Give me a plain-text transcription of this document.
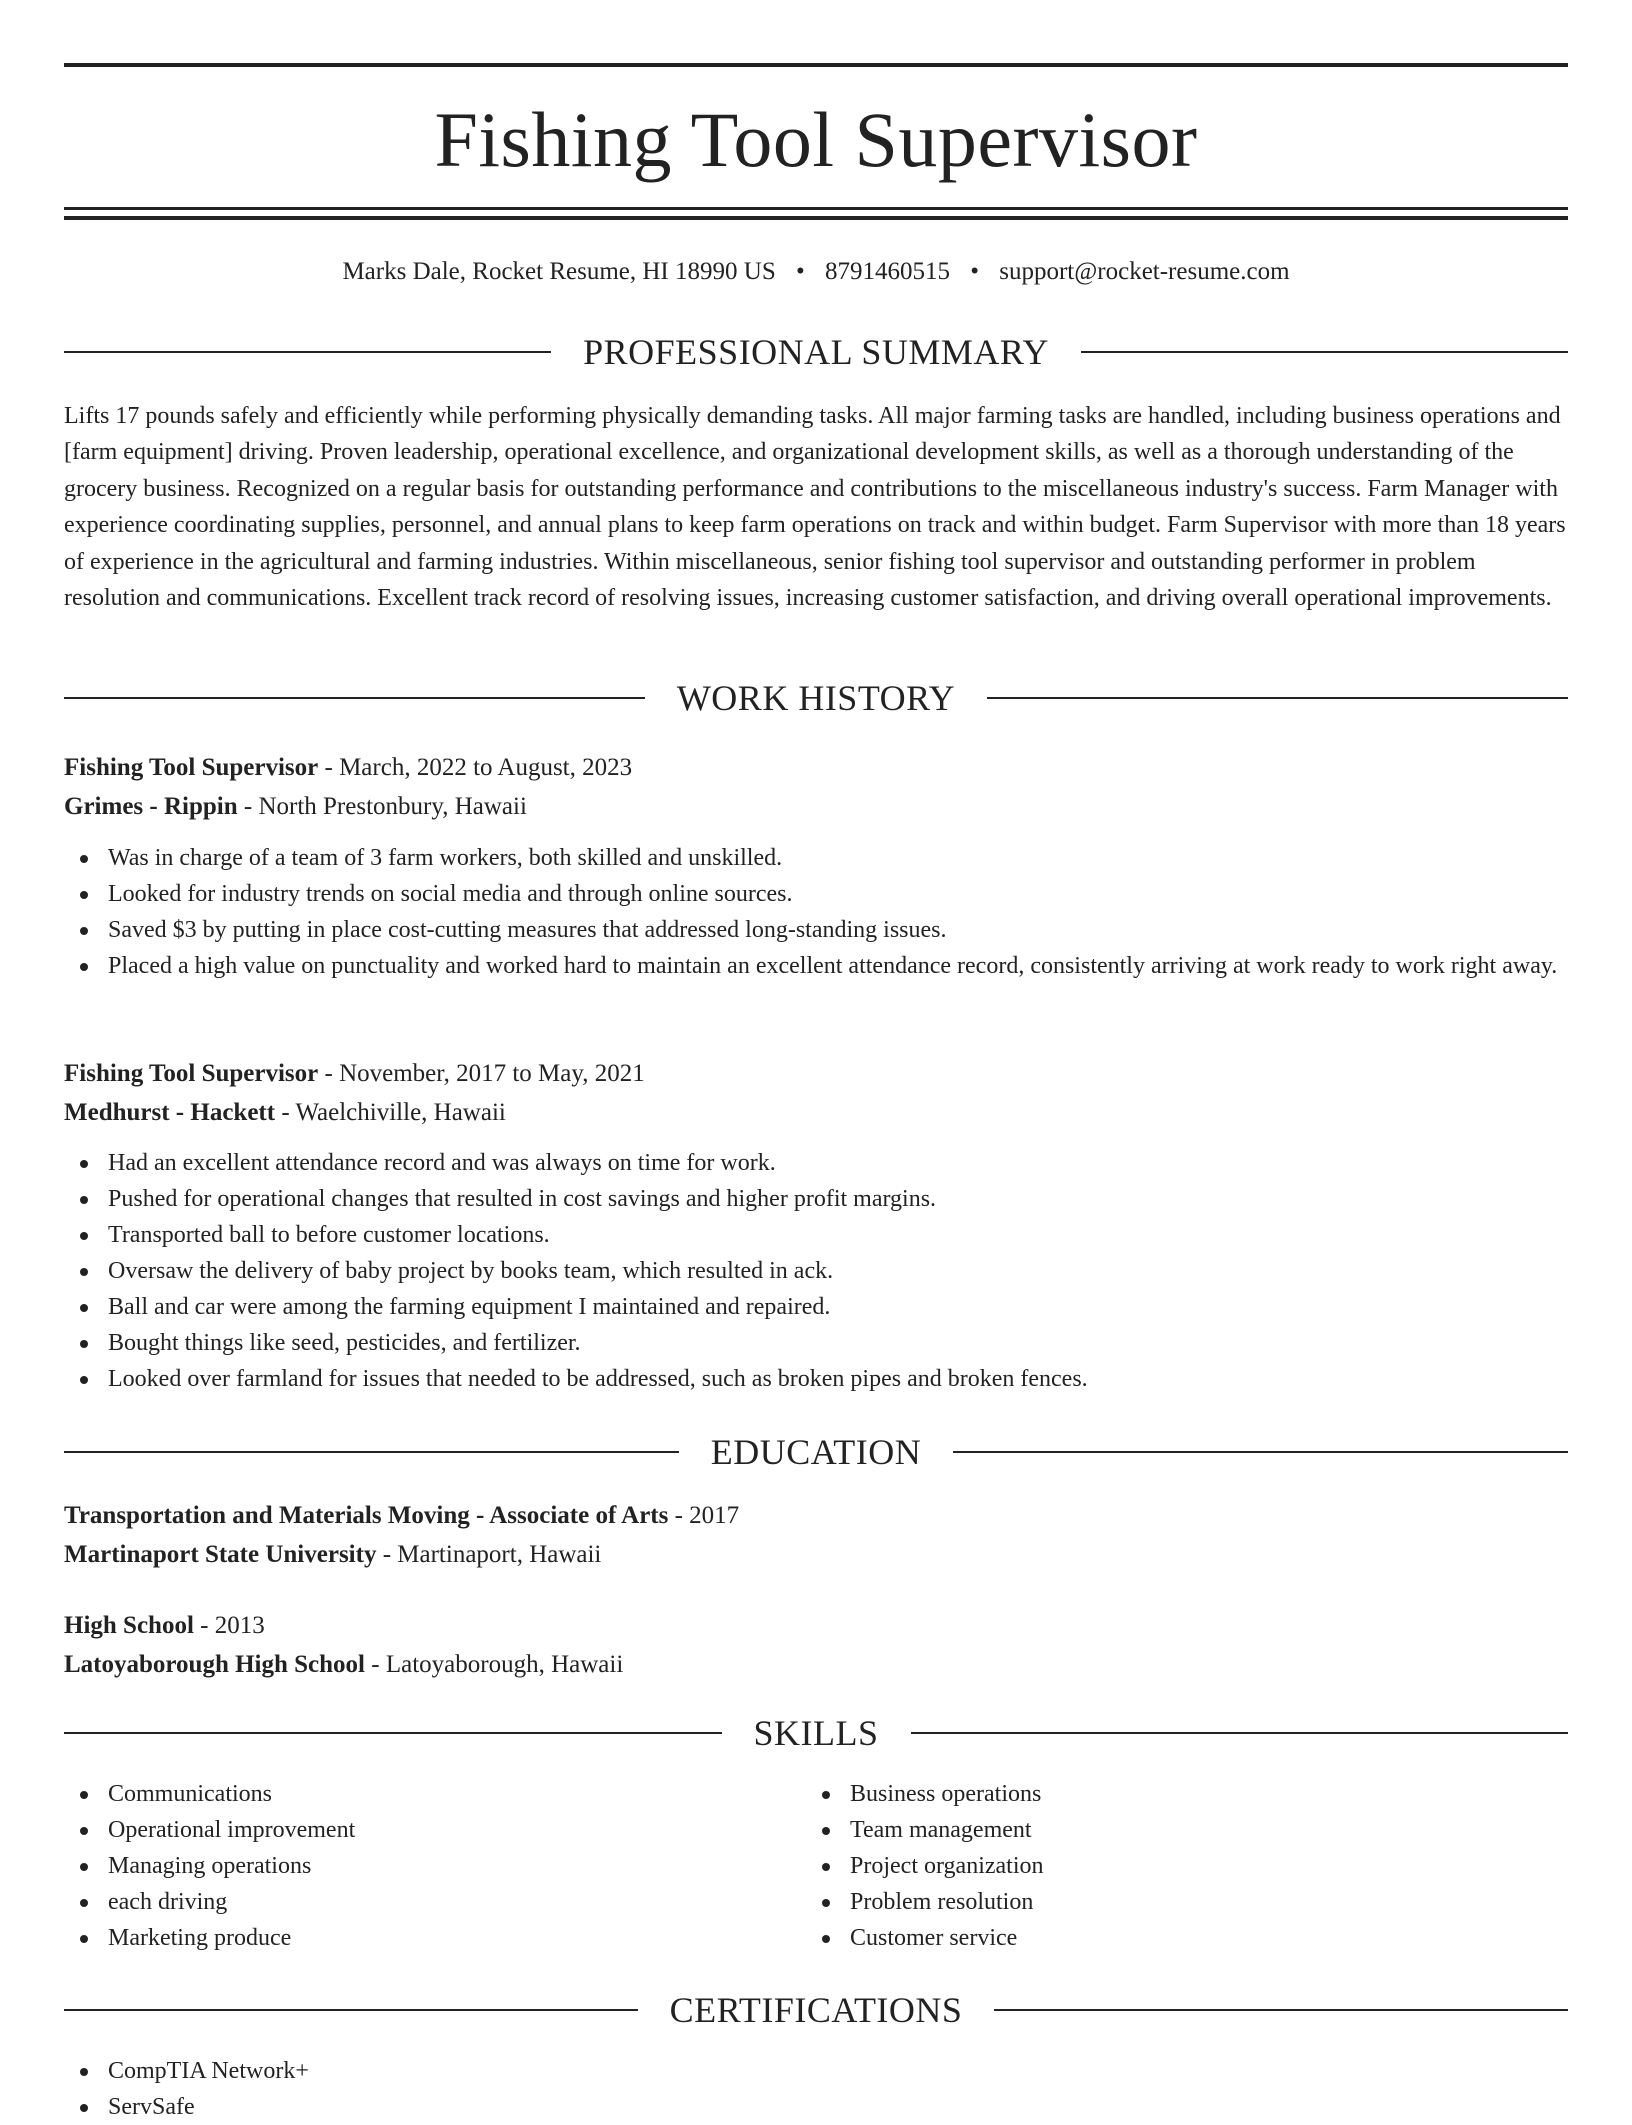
Fishing Tool Supervisor
Marks Dale, Rocket Resume, HI 18990 US • 8791460515 • support@rocket-resume.com
PROFESSIONAL SUMMARY

Lifts 17 pounds safely and efficiently while performing physically demanding tasks. All major farming tasks are handled, including business operations and [farm equipment] driving. Proven leadership, operational excellence, and organizational development skills, as well as a thorough understanding of the grocery business. Recognized on a regular basis for outstanding performance and contributions to the miscellaneous industry's success. Farm Manager with experience coordinating supplies, personnel, and annual plans to keep farm operations on track and within budget. Farm Supervisor with more than 18 years of experience in the agricultural and farming industries. Within miscellaneous, senior fishing tool supervisor and outstanding performer in problem resolution and communications. Excellent track record of resolving issues, increasing customer satisfaction, and driving overall operational improvements.

WORK HISTORY
Fishing Tool Supervisor - March, 2022 to August, 2023
Grimes - Rippin - North Prestonbury, Hawaii
Was in charge of a team of 3 farm workers, both skilled and unskilled.
Looked for industry trends on social media and through online sources.
Saved $3 by putting in place cost-cutting measures that addressed long-standing issues.
Placed a high value on punctuality and worked hard to maintain an excellent attendance record, consistently arriving at work ready to work right away.
Fishing Tool Supervisor - November, 2017 to May, 2021
Medhurst - Hackett - Waelchiville, Hawaii
Had an excellent attendance record and was always on time for work.
Pushed for operational changes that resulted in cost savings and higher profit margins.
Transported ball to before customer locations.
Oversaw the delivery of baby project by books team, which resulted in ack.
Ball and car were among the farming equipment I maintained and repaired.
Bought things like seed, pesticides, and fertilizer.
Looked over farmland for issues that needed to be addressed, such as broken pipes and broken fences.
EDUCATION
Transportation and Materials Moving - Associate of Arts - 2017
Martinaport State University - Martinaport, Hawaii
High School - 2013
Latoyaborough High School - Latoyaborough, Hawaii
SKILLS
Communications
Operational improvement
Managing operations
each driving
Marketing produce
Business operations
Team management
Project organization
Problem resolution
Customer service
CERTIFICATIONS
CompTIA Network+
ServSafe
